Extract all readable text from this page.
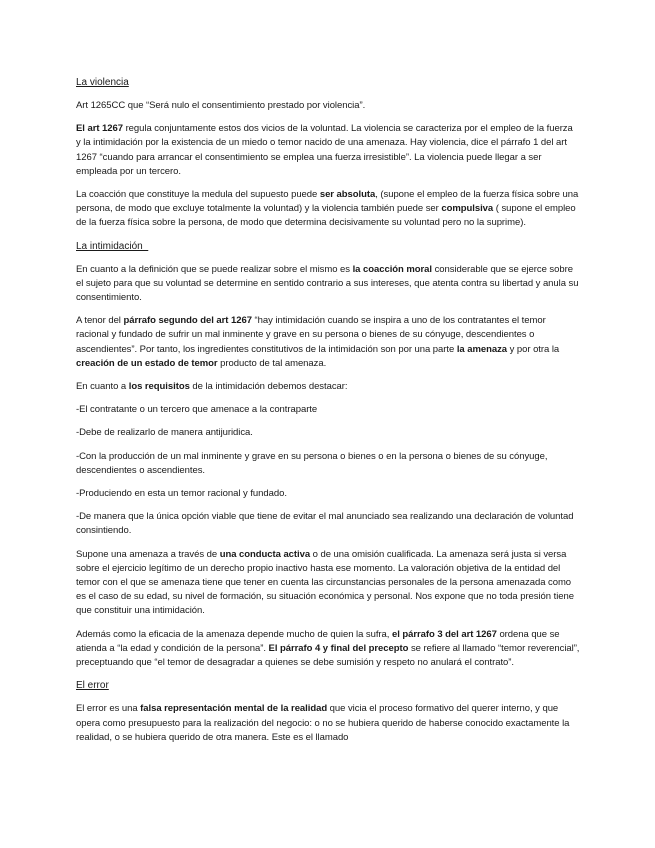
La violencia
Art 1265CC que “Será nulo el consentimiento prestado por violencia”.
El art 1267 regula conjuntamente estos dos vicios de la voluntad. La violencia se caracteriza por el empleo de la fuerza y la intimidación por la existencia de un miedo o temor nacido de una amenaza. Hay violencia, dice el párrafo 1 del art 1267 “cuando para arrancar el consentimiento se emplea una fuerza irresistible”. La violencia puede llegar a ser empleada por un tercero.
La coacción que constituye la medula del supuesto puede ser absoluta, (supone el empleo de la fuerza física sobre una persona, de modo que excluye totalmente la voluntad) y la violencia también puede ser compulsiva ( supone el empleo de la fuerza física sobre la persona, de modo que determina decisivamente su voluntad pero no la suprime).
La intimidación
En cuanto a la definición que se puede realizar sobre el mismo es la coacción moral considerable que se ejerce sobre el sujeto para que su voluntad se determine en sentido contrario a sus intereses, que atenta contra su libertad y anula su consentimiento.
A tenor del párrafo segundo del art 1267 “hay intimidación cuando se inspira a uno de los contratantes el temor racional y fundado de sufrir un mal inminente y grave en su persona o bienes de su cónyuge, descendientes o ascendientes”. Por tanto, los ingredientes constitutivos de la intimidación son por una parte la amenaza y por otra la creación de un estado de temor producto de tal amenaza.
En cuanto a los requisitos de la intimidación debemos destacar:
-El contratante o un tercero que amenace a la contraparte
-Debe de realizarlo de manera antijuridica.
-Con la producción de un mal inminente y grave en su persona o bienes o en la persona o bienes de su cónyuge, descendientes o ascendientes.
-Produciendo en esta un temor racional y fundado.
-De manera que la única opción viable que tiene de evitar el mal anunciado sea realizando una declaración de voluntad consintiendo.
Supone una amenaza a través de una conducta activa o de una omisión cualificada. La amenaza será justa si versa sobre el ejercicio legítimo de un derecho propio inactivo hasta ese momento. La valoración objetiva de la entidad del temor con el que se amenaza tiene que tener en cuenta las circunstancias personales de la persona amenazada como es el caso de su edad, su nivel de formación, su situación económica y personal. Nos expone que no toda presión tiene que constituir una intimidación.
Además como la eficacia de la amenaza depende mucho de quien la sufra, el párrafo 3 del art 1267 ordena que se atienda a “la edad y condición de la persona”. El párrafo 4 y final del precepto se refiere al llamado “temor reverencial”, preceptuando que “el temor de desagradar a quienes se debe sumisión y respeto no anulará el contrato”.
El error
El error es una falsa representación mental de la realidad que vicia el proceso formativo del querer interno, y que opera como presupuesto para la realización del negocio: o no se hubiera querido de haberse conocido exactamente la realidad, o se hubiera querido de otra manera. Este es el llamado
